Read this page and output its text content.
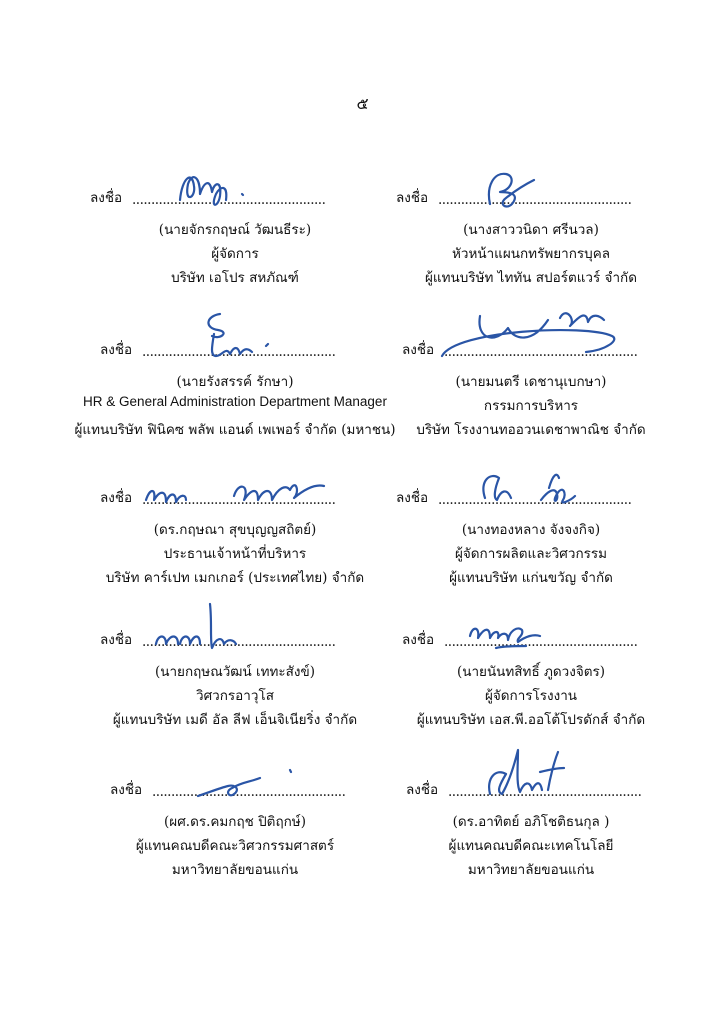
๕
ลงชื่อ ...................................................
(นายจักรกฤษณ์ วัฒนธีระ)
ผู้จัดการ
บริษัท เอโปร สหภัณฑ์
ลงชื่อ ...................................................
(นางสาววนิดา ศรีนวล)
หัวหน้าแผนกทรัพยากรบุคล
ผู้แทนบริษัท ไททัน สปอร์ตแวร์ จำกัด
ลงชื่อ ...................................................
(นายรังสรรค์ รักษา)
HR & General Administration Department Manager
ผู้แทนบริษัท ฟินิคซ พลัพ แอนด์ เพเพอร์ จำกัด (มหาชน)
ลงชื่อ ...................................................
(นายมนตรี เดชานุเบกษา)
กรรมการบริหาร
บริษัท โรงงานทออวนเดชาพาณิช จำกัด
ลงชื่อ ...................................................
(ดร.กฤษณา สุขบุญญสถิตย์)
ประธานเจ้าหน้าที่บริหาร
บริษัท คาร์เปท เมกเกอร์ (ประเทศไทย) จำกัด
ลงชื่อ ...................................................
(นางทองหลาง จังจงกิจ)
ผู้จัดการผลิตและวิศวกรรม
ผู้แทนบริษัท แก่นขวัญ จำกัด
ลงชื่อ ...................................................
(นายกฤษณวัฒน์ เททะสังข์)
วิศวกรอาวุโส
ผู้แทนบริษัท เมดี อัล ลีฟ เอ็นจิเนียริ่ง จำกัด
ลงชื่อ ...................................................
(นายนันทสิทธิ์ ภูดวงจิตร)
ผู้จัดการโรงงาน
ผู้แทนบริษัท เอส.พี.ออโต้โปรดักส์ จำกัด
ลงชื่อ ...................................................
(ผศ.ดร.คมกฤช ปิติฤกษ์)
ผู้แทนคณบดีคณะวิศวกรรมศาสตร์
มหาวิทยาลัยขอนแก่น
ลงชื่อ ...................................................
(ดร.อาทิตย์ อภิโชติธนกุล )
ผู้แทนคณบดีคณะเทคโนโลยี
มหาวิทยาลัยขอนแก่น
